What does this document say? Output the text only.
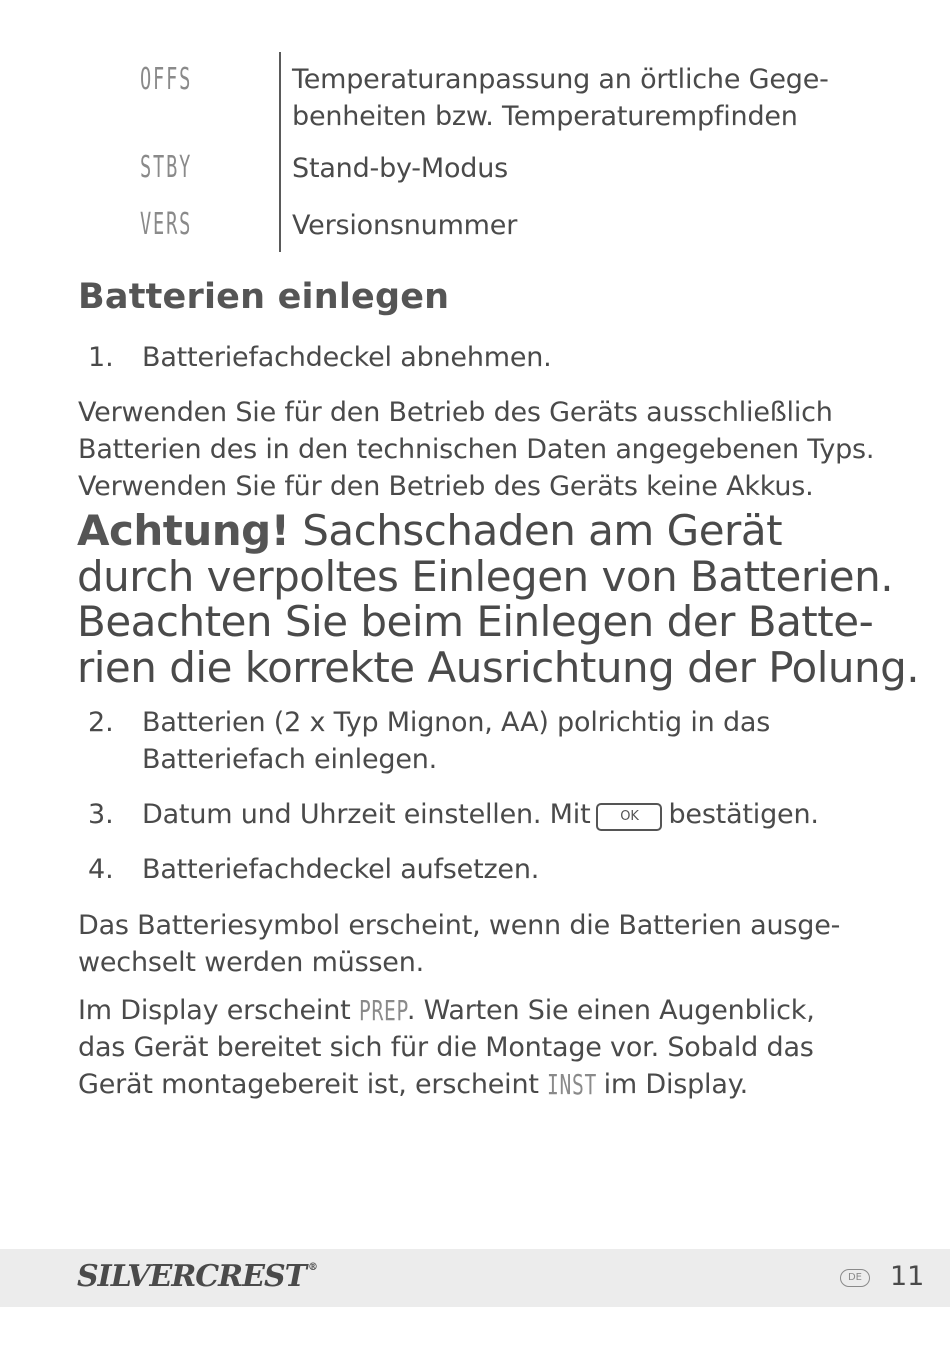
OFFS	Temperaturanpassung an örtliche Gege-
benheiten bzw. Temperaturempfinden
STBY	Stand-by-Modus
VERS	Versionsnummer
Batterien einlegen
1. Batteriefachdeckel abnehmen.
Verwenden Sie für den Betrieb des Geräts ausschließlich
Batterien des in den technischen Daten angegebenen Typs.
Verwenden Sie für den Betrieb des Geräts keine Akkus.
Achtung! Sachschaden am Gerät
durch verpoltes Einlegen von Batterien.
Beachten Sie beim Einlegen der Batte-
rien die korrekte Ausrichtung der Polung.
2. Batterien (2 x Typ Mignon, AA) polrichtig in das
Batteriefach einlegen.
3. Datum und Uhrzeit einstellen. Mit OK bestätigen.
4. Batteriefachdeckel aufsetzen.
Das Batteriesymbol erscheint, wenn die Batterien ausge-
wechselt werden müssen.
Im Display erscheint PREP. Warten Sie einen Augenblick,
das Gerät bereitet sich für die Montage vor. Sobald das
Gerät montagebereit ist, erscheint INST im Display.
SILVERCREST ®
DE 11
